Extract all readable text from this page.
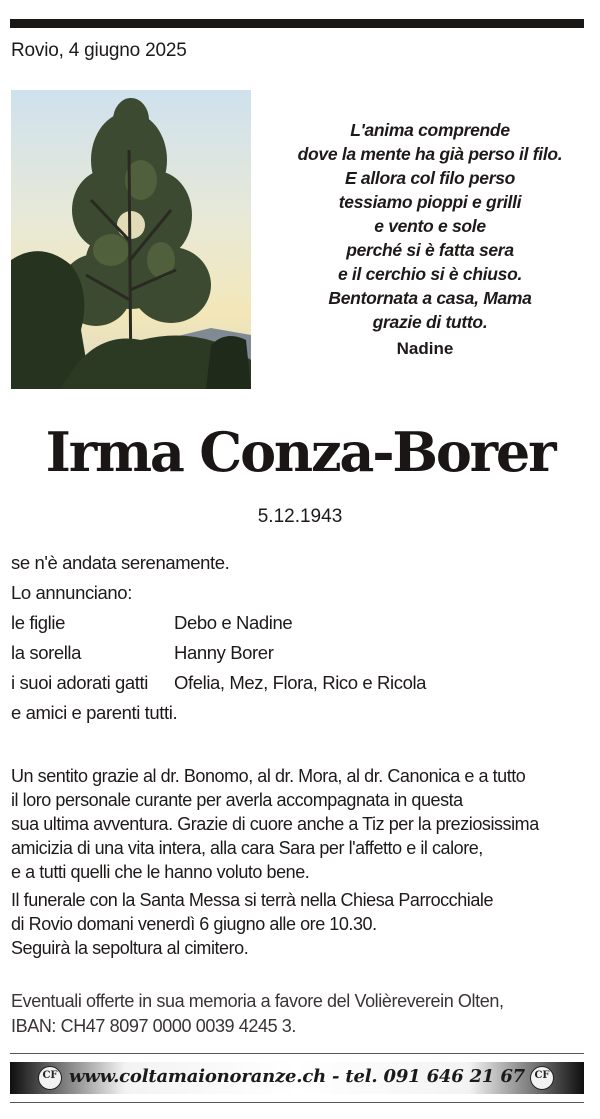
Rovio, 4 giugno 2025
L'anima comprende
dove la mente ha già perso il filo.
E allora col filo perso
tessiamo pioppi e grilli
e vento e sole
perché si è fatta sera
e il cerchio si è chiuso.
Bentornata a casa, Mama
grazie di tutto.
Nadine
Irma Conza-Borer
5.12.1943
se n'è andata serenamente.
Lo annunciano:
le figlie	Debo e Nadine
la sorella	Hanny Borer
i suoi adorati gatti	Ofelia, Mez, Flora, Rico e Ricola
e amici e parenti tutti.

Un sentito grazie al dr. Bonomo, al dr. Mora, al dr. Canonica e a tutto
il loro personale curante per averla accompagnata in questa
sua ultima avventura. Grazie di cuore anche a Tiz per la preziosissima
amicizia di una vita intera, alla cara Sara per l'affetto e il calore,
e a tutti quelli che le hanno voluto bene.

Il funerale con la Santa Messa si terrà nella Chiesa Parrocchiale
di Rovio domani venerdì 6 giugno alle ore 10.30.
Seguirà la sepoltura al cimitero.

Eventuali offerte in sua memoria a favore del Volièreverein Olten,
IBAN: CH47 8097 0000 0039 4245 3.
CF www.coltamaionoranze.ch - tel. 091 646 21 67 CF
